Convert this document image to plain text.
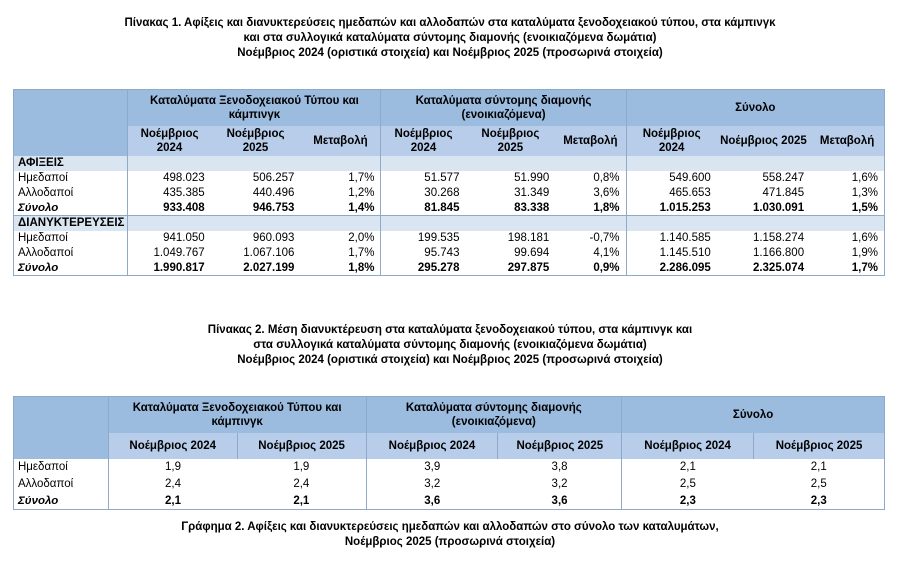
Πίνακας 1. Αφίξεις και διανυκτερεύσεις ημεδαπών και αλλοδαπών στα καταλύματα ξενοδοχειακού τύπου, στα κάμπινγκ
και στα συλλογικά καταλύματα σύντομης διαμονής (ενοικιαζόμενα δωμάτια)
Νοέμβριος 2024 (οριστικά στοιχεία) και Νοέμβριος 2025 (προσωρινά στοιχεία)
	Καταλύματα Ξενοδοχειακού Τύπου και κάμπινγκ			Καταλύματα σύντομης διαμονής (ενοικιαζόμενα)			Σύνολο		
	Νοέμβριος 2024	Νοέμβριος 2025	Μεταβολή	Νοέμβριος 2024	Νοέμβριος 2025	Μεταβολή	Νοέμβριος 2024	Νοέμβριος 2025	Μεταβολή
ΑΦΙΞΕΙΣ									
Ημεδαποί	498.023	506.257	1,7%	51.577	51.990	0,8%	549.600	558.247	1,6%
Αλλοδαποί	435.385	440.496	1,2%	30.268	31.349	3,6%	465.653	471.845	1,3%
Σύνολο	933.408	946.753	1,4%	81.845	83.338	1,8%	1.015.253	1.030.091	1,5%
ΔΙΑΝΥΚΤΕΡΕΥΣΕΙΣ									
Ημεδαποί	941.050	960.093	2,0%	199.535	198.181	-0,7%	1.140.585	1.158.274	1,6%
Αλλοδαποί	1.049.767	1.067.106	1,7%	95.743	99.694	4,1%	1.145.510	1.166.800	1,9%
Σύνολο	1.990.817	2.027.199	1,8%	295.278	297.875	0,9%	2.286.095	2.325.074	1,7%
Πίνακας 2. Μέση διανυκτέρευση στα καταλύματα ξενοδοχειακού τύπου, στα κάμπινγκ και
στα συλλογικά καταλύματα σύντομης διαμονής (ενοικιαζόμενα δωμάτια)
Νοέμβριος 2024 (οριστικά στοιχεία) και Νοέμβριος 2025 (προσωρινά στοιχεία)
	Καταλύματα Ξενοδοχειακού Τύπου και κάμπινγκ		Καταλύματα σύντομης διαμονής (ενοικιαζόμενα)		Σύνολο	
	Νοέμβριος 2024	Νοέμβριος 2025	Νοέμβριος 2024	Νοέμβριος 2025	Νοέμβριος 2024	Νοέμβριος 2025
Ημεδαποί	1,9	1,9	3,9	3,8	2,1	2,1
Αλλοδαποί	2,4	2,4	3,2	3,2	2,5	2,5
Σύνολο	2,1	2,1	3,6	3,6	2,3	2,3
Γράφημα 2. Αφίξεις και διανυκτερεύσεις ημεδαπών και αλλοδαπών στο σύνολο των καταλυμάτων,
Νοέμβριος 2025 (προσωρινά στοιχεία)
